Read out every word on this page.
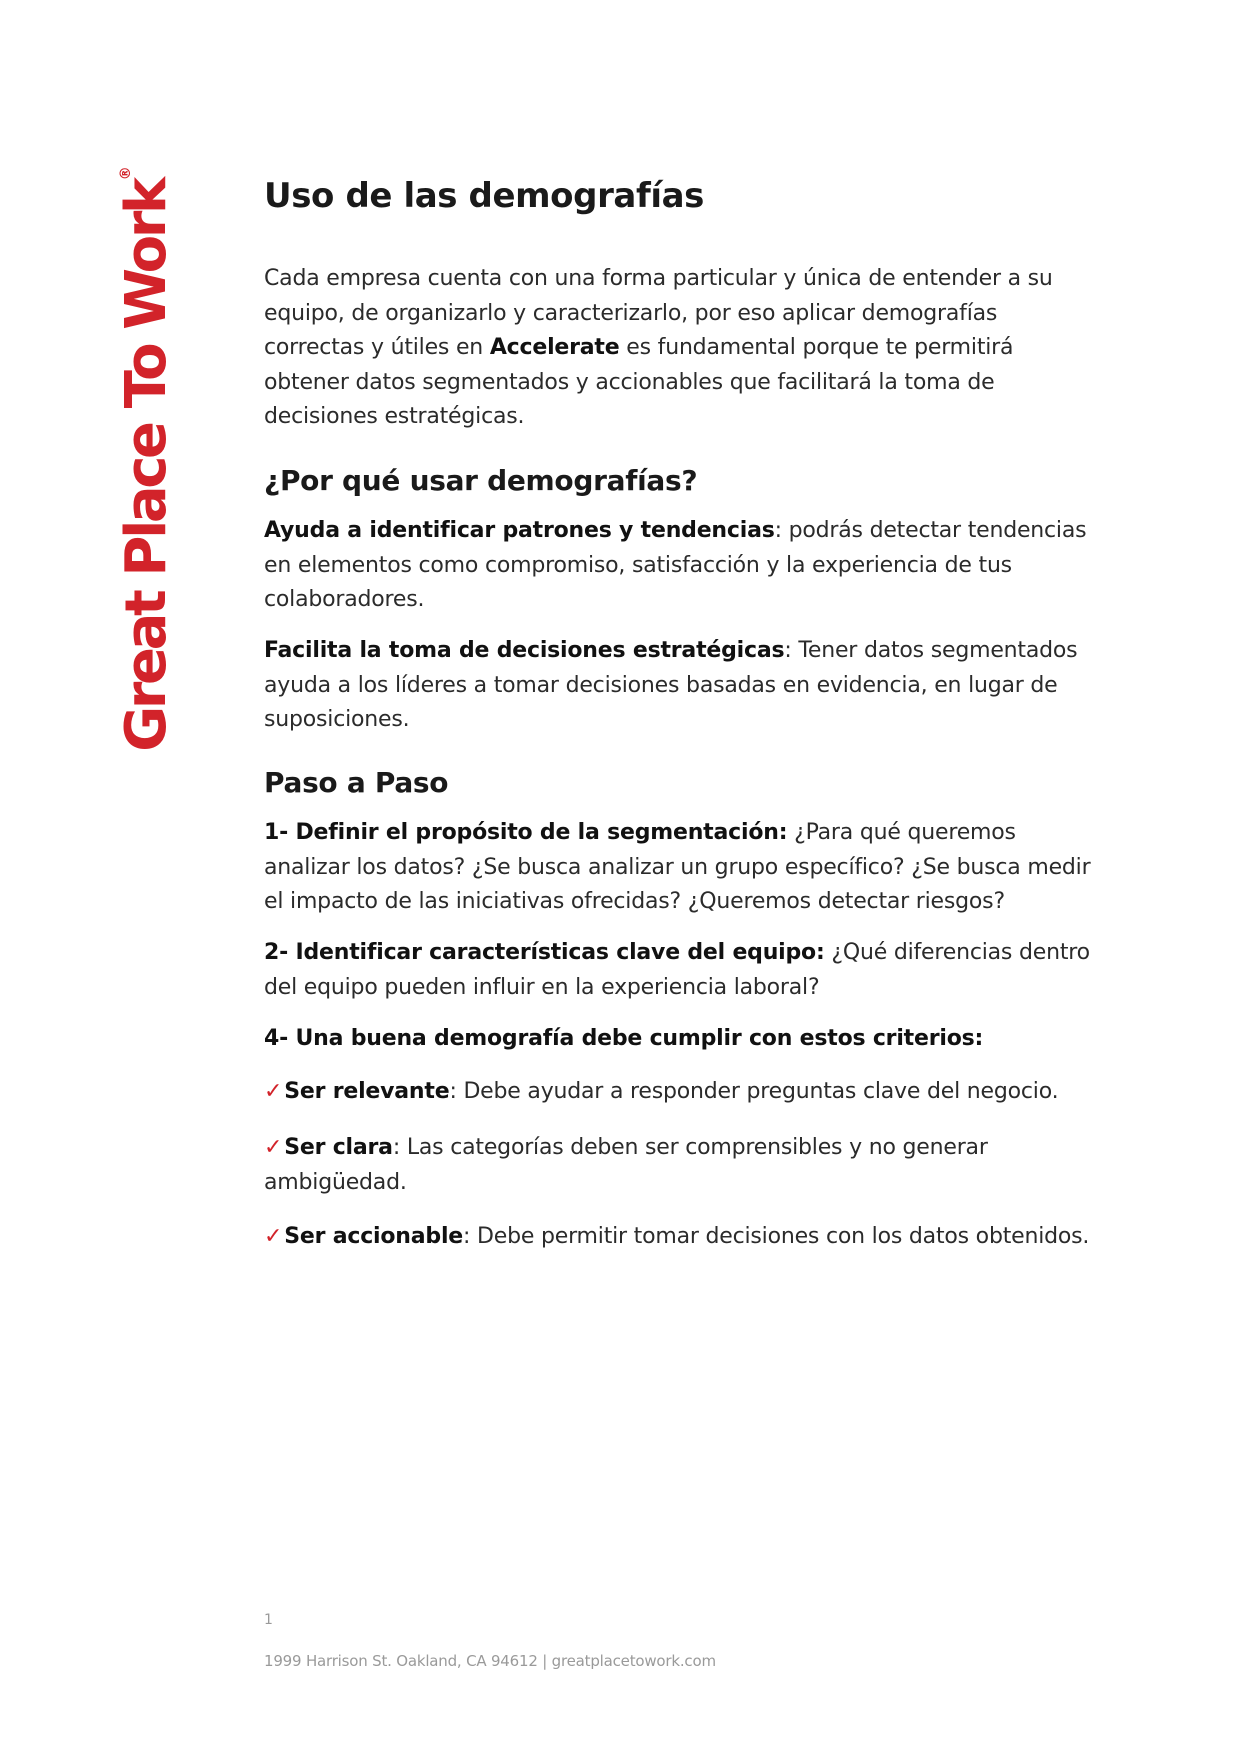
Great Place To Work®
Uso de las demografías

Cada empresa cuenta con una forma particular y única de entender a su equipo, de organizarlo y caracterizarlo, por eso aplicar demografías correctas y útiles en Accelerate es fundamental porque te permitirá obtener datos segmentados y accionables que facilitará la toma de decisiones estratégicas.

¿Por qué usar demografías?

Ayuda a identificar patrones y tendencias: podrás detectar tendencias en elementos como compromiso, satisfacción y la experiencia de tus colaboradores.

Facilita la toma de decisiones estratégicas: Tener datos segmentados ayuda a los líderes a tomar decisiones basadas en evidencia, en lugar de suposiciones.

Paso a Paso

1- Definir el propósito de la segmentación: ¿Para qué queremos analizar los datos? ¿Se busca analizar un grupo específico? ¿Se busca medir el impacto de las iniciativas ofrecidas? ¿Queremos detectar riesgos?

2- Identificar características clave del equipo: ¿Qué diferencias dentro del equipo pueden influir en la experiencia laboral?

4- Una buena demografía debe cumplir con estos criterios:

✓Ser relevante: Debe ayudar a responder preguntas clave del negocio.

✓Ser clara: Las categorías deben ser comprensibles y no generar ambigüedad.

✓Ser accionable: Debe permitir tomar decisiones con los datos obtenidos.

1
1999 Harrison St. Oakland, CA 94612 | greatplacetowork.com
